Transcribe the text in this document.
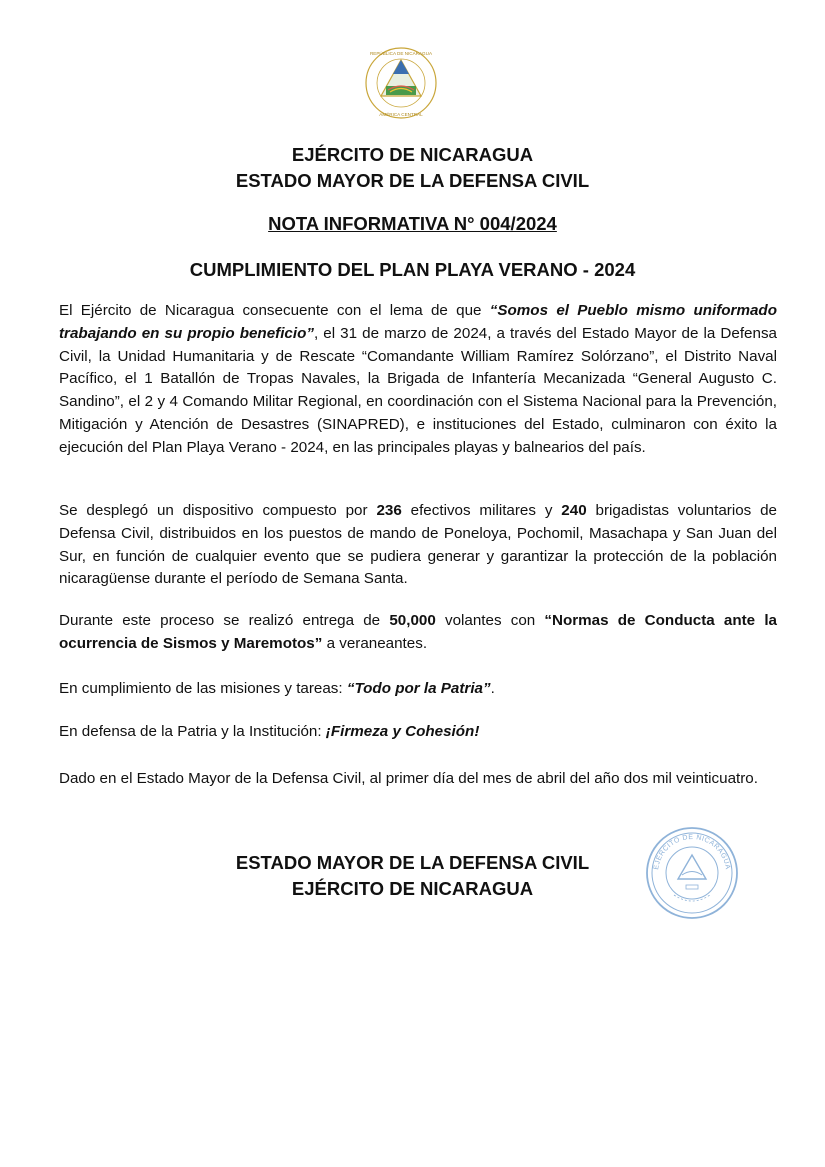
REPÚBLICA DE NICARAGUA
AMÉRICA CENTRAL
EJÉRCITO DE NICARAGUA
ESTADO MAYOR DE LA DEFENSA CIVIL
NOTA INFORMATIVA N° 004/2024
CUMPLIMIENTO DEL PLAN PLAYA VERANO - 2024
El Ejército de Nicaragua consecuente con el lema de que “Somos el Pueblo mismo uniformado trabajando en su propio beneficio”, el 31 de marzo de 2024, a través del Estado Mayor de la Defensa Civil, la Unidad Humanitaria y de Rescate “Comandante William Ramírez Solórzano”, el Distrito Naval Pacífico, el 1 Batallón de Tropas Navales, la Brigada de Infantería Mecanizada “General Augusto C. Sandino”, el 2 y 4 Comando Militar Regional, en coordinación con el Sistema Nacional para la Prevención, Mitigación y Atención de Desastres (SINAPRED), e instituciones del Estado, culminaron con éxito la ejecución del Plan Playa Verano - 2024, en las principales playas y balnearios del país.
Se desplegó un dispositivo compuesto por 236 efectivos militares y 240 brigadistas voluntarios de Defensa Civil, distribuidos en los puestos de mando de Poneloya, Pochomil, Masachapa y San Juan del Sur, en función de cualquier evento que se pudiera generar y garantizar la protección de la población nicaragüense durante el período de Semana Santa.
Durante este proceso se realizó entrega de 50,000 volantes con “Normas de Conducta ante la ocurrencia de Sismos y Maremotos” a veraneantes.
En cumplimiento de las misiones y tareas: “Todo por la Patria”.
En defensa de la Patria y la Institución: ¡Firmeza y Cohesión!
Dado en el Estado Mayor de la Defensa Civil, al primer día del mes de abril del año dos mil veinticuatro.
ESTADO MAYOR DE LA DEFENSA CIVIL
EJÉRCITO DE NICARAGUA
EJÉRCITO DE NICARAGUA
